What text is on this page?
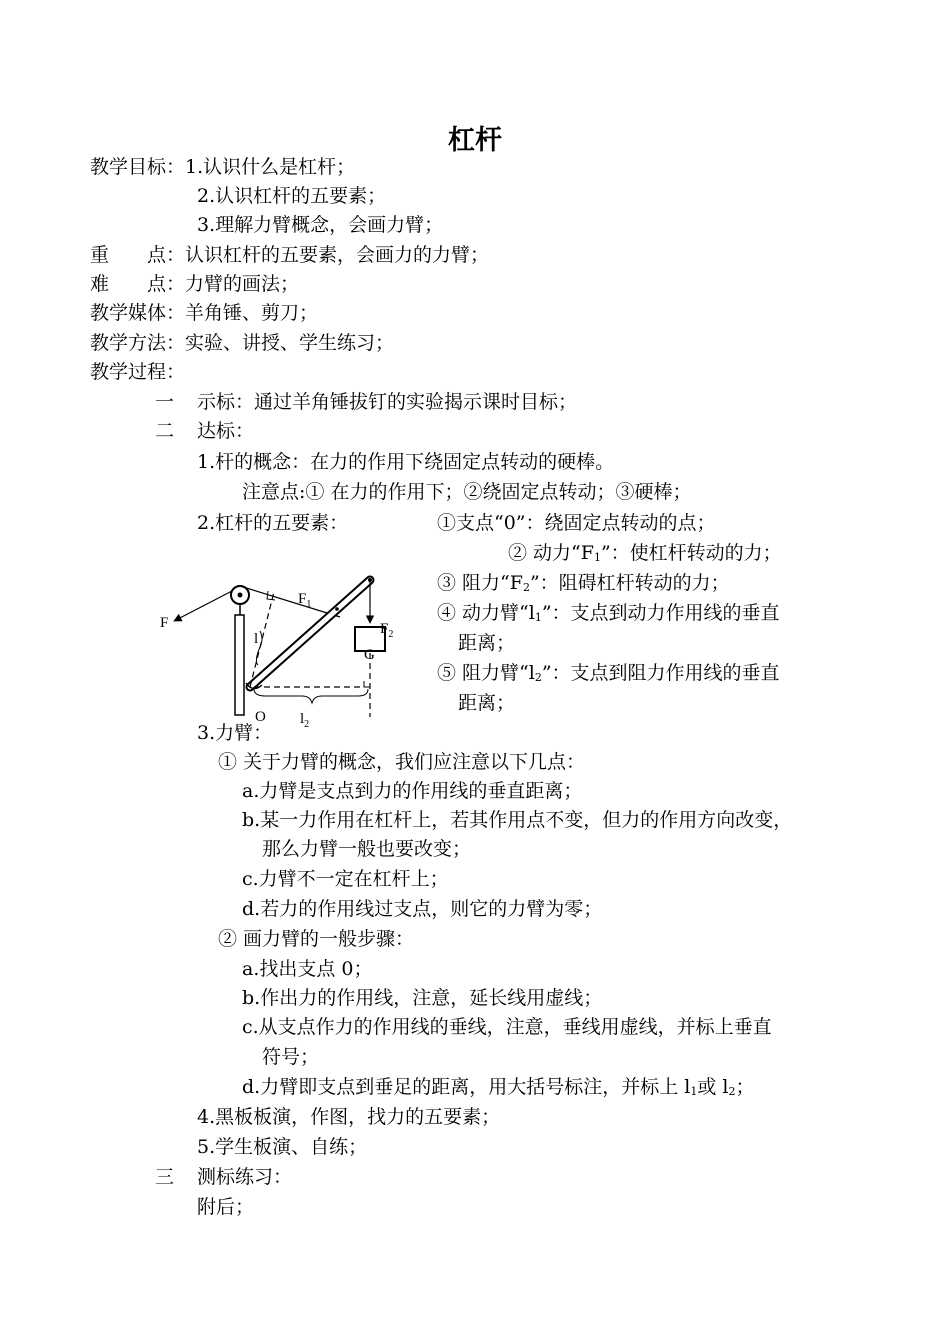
杠杆
教学目标：1.认识什么是杠杆；
2.认识杠杆的五要素；
3.理解力臂概念，会画力臂；
重　　点：认识杠杆的五要素，会画力的力臂；
难　　点：力臂的画法；
教学媒体：羊角锤、剪刀；
教学方法：实验、讲授、学生练习；
教学过程：
一 示标：通过羊角锤拔钉的实验揭示课时目标；
二 达标：
1.杆的概念：在力的作用下绕固定点转动的硬棒。
注意点:① 在力的作用下；②绕固定点转动；③硬棒；
2.杠杆的五要素：	①支点“0”：绕固定点转动的点；
② 动力“$F_1$”：使杠杆转动的力；
③ 阻力“$F_2$”：阻碍杠杆转动的力；
④ 动力臂“$l_1$”：支点到动力作用线的垂直
距离；
⑤ 阻力臂“$l_2$”：支点到阻力作用线的垂直
距离；
F
$F_1$
$F_2$
G
l
O $l_2$
3.力臂：
① 关于力臂的概念，我们应注意以下几点：
a.力臂是支点到力的作用线的垂直距离；
b.某一力作用在杠杆上，若其作用点不变，但力的作用方向改变，
那么力臂一般也要改变；
c.力臂不一定在杠杆上；
d.若力的作用线过支点，则它的力臂为零；
② 画力臂的一般步骤：
a.找出支点 0；
b.作出力的作用线，注意，延长线用虚线；
c.从支点作力的作用线的垂线，注意，垂线用虚线，并标上垂直
符号；
d.力臂即支点到垂足的距离，用大括号标注，并标上 $l_1$或 $l_2$；
4.黑板板演，作图，找力的五要素；
5.学生板演、自练；
三 测标练习：
附后；
